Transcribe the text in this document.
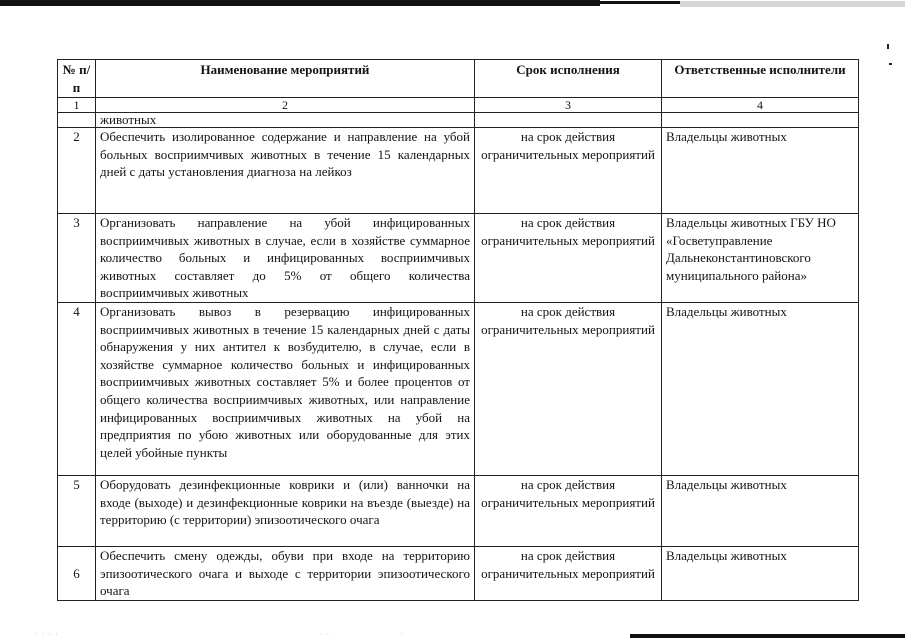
· · · ·	· ·	·
№ п/п	Наименование мероприятий	Срок исполнения	Ответственные исполнители
1	2	3	4
	животных		
2	Обеспечить изолированное содержание и направление на убой больных восприимчивых животных в течение 15 календарных дней с даты установления диагноза на лейкоз	на срок действия ограничительных мероприятий	Владельцы животных
3	Организовать направление на убой инфицированных восприимчивых животных в случае, если в хозяйстве суммарное количество больных и инфицированных восприимчивых животных составляет до 5% от общего количества восприимчивых животных	на срок действия ограничительных мероприятий	Владельцы животных ГБУ НО «Госветуправление Дальнеконстантиновского муниципального района»
4	Организовать вывоз в резервацию инфицированных восприимчивых животных в течение 15 календарных дней с даты обнаружения у них антител к возбудителю, в случае, если в хозяйстве суммарное количество больных и инфицированных восприимчивых животных составляет 5% и более процентов от общего количества восприимчивых животных, или направление инфицированных восприимчивых животных на убой на предприятия по убою животных или оборудованные для этих целей убойные пункты	на срок действия ограничительных мероприятий	Владельцы животных
5	Оборудовать дезинфекционные коврики и (или) ванночки на входе (выходе) и дезинфекционные коврики на въезде (выезде) на территорию (с территории) эпизоотического очага	на срок действия ограничительных мероприятий	Владельцы животных
6	Обеспечить смену одежды, обуви при входе на территорию эпизоотического очага и выходе с территории эпизоотического очага	на срок действия ограничительных мероприятий	Владельцы животных
